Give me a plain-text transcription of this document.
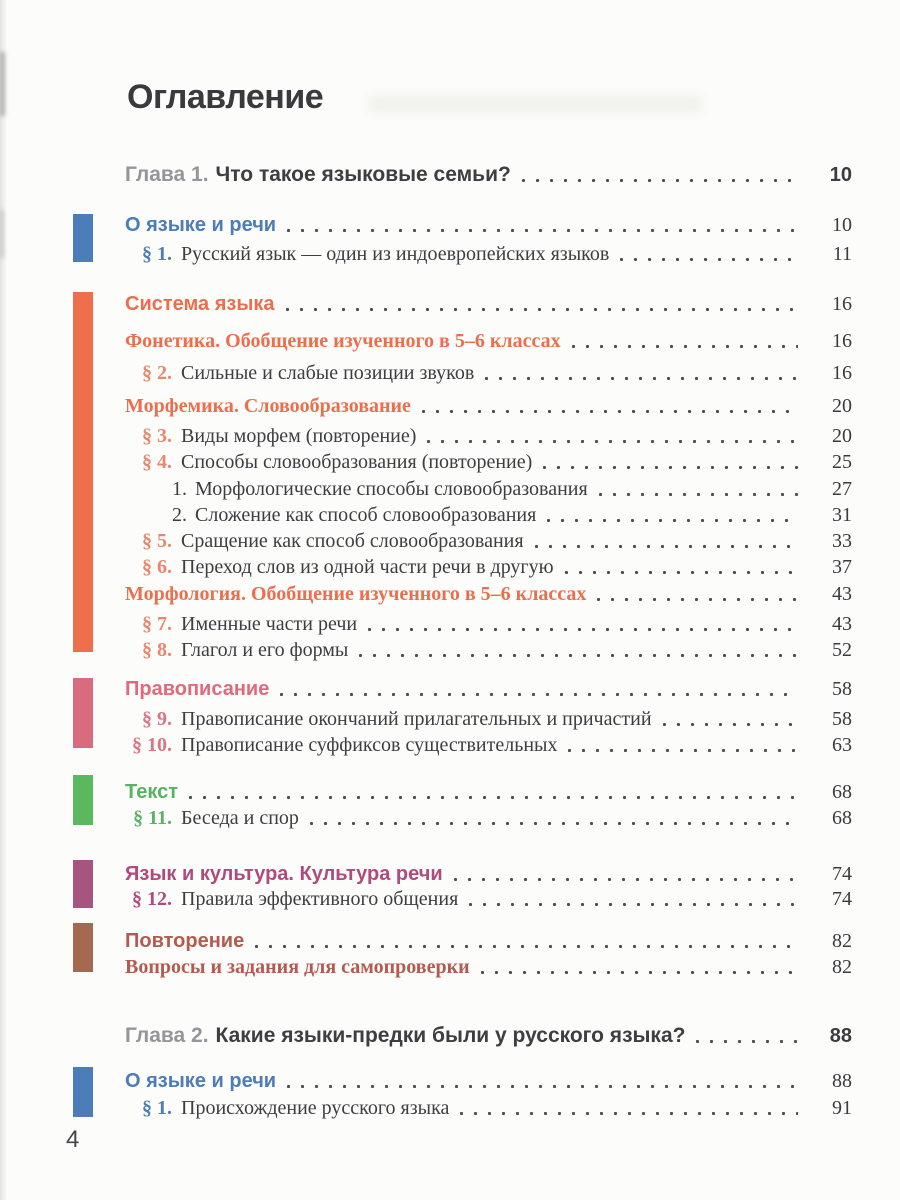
Оглавление
Глава 1. Что такое языковые семьи?	10
О языке и речи	10
§ 1. Русский язык — один из индоевропейских языков	11
Система языка	16
Фонетика. Обобщение изученного в 5–6 классах	16
§ 2. Сильные и слабые позиции звуков	16
Морфемика. Словообразование	20
§ 3. Виды морфем (повторение)	20
§ 4. Способы словообразования (повторение)	25
1. Морфологические способы словообразования	27
2. Сложение как способ словообразования	31
§ 5. Сращение как способ словообразования	33
§ 6. Переход слов из одной части речи в другую	37
Морфология. Обобщение изученного в 5–6 классах	43
§ 7. Именные части речи	43
§ 8. Глагол и его формы	52
Правописание	58
§ 9. Правописание окончаний прилагательных и причастий	58
§ 10. Правописание суффиксов существительных	63
Текст	68
§ 11. Беседа и спор	68
Язык и культура. Культура речи	74
§ 12. Правила эффективного общения	74
Повторение	82
Вопросы и задания для самопроверки	82
Глава 2. Какие языки-предки были у русского языка?	88
О языке и речи	88
§ 1. Происхождение русского языка	91
4
